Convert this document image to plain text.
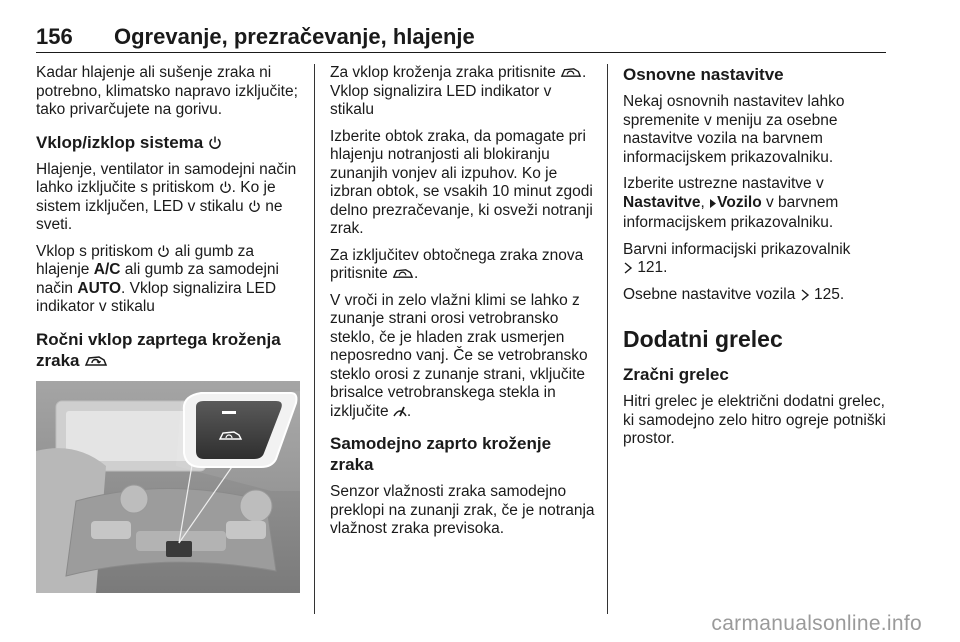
156 Ogrevanje, prezračevanje, hlajenje

Kadar hlajenje ali sušenje zraka ni potrebno, klimatsko napravo izključite; tako privarčujete na gorivu.

Vklop/izklop sistema

Hlajenje, ventilator in samodejni način lahko izključite s pritiskom . Ko je sistem izključen, LED v stikalu ne sveti.

Vklop s pritiskom ali gumb za hlajenje A/C ali gumb za samodejni način AUTO. Vklop signalizira LED indikator v stikalu

Ročni vklop zaprtega kroženja zraka

Za vklop kroženja zraka pritisnite . Vklop signalizira LED indikator v stikalu

Izberite obtok zraka, da pomagate pri hlajenju notranjosti ali blokiranju zunanjih vonjev ali izpuhov. Ko je izbran obtok, se vsakih 10 minut zgodi delno prezračevanje, ki osveži notranji zrak.

Za izključitev obtočnega zraka znova pritisnite .

V vroči in zelo vlažni klimi se lahko z zunanje strani orosi vetrobransko steklo, če je hladen zrak usmerjen neposredno vanj. Če se vetrobransko steklo orosi z zunanje strani, vključite brisalce vetrobranskega stekla in izključite .

Samodejno zaprto kroženje zraka

Senzor vlažnosti zraka samodejno preklopi na zunanji zrak, če je notranja vlažnost zraka previsoka.

Osnovne nastavitve

Nekaj osnovnih nastavitev lahko spremenite v meniju za osebne nastavitve vozila na barvnem informacijskem prikazovalniku.

Izberite ustrezne nastavitve v Nastavitve, Vozilo v barvnem informacijskem prikazovalniku.

Barvni informacijski prikazovalnik
121.

Osebne nastavitve vozila 125.

Dodatni grelec
Zračni grelec

Hitri grelec je električni dodatni grelec, ki samodejno zelo hitro ogreje potniški prostor.

carmanualsonline.info
